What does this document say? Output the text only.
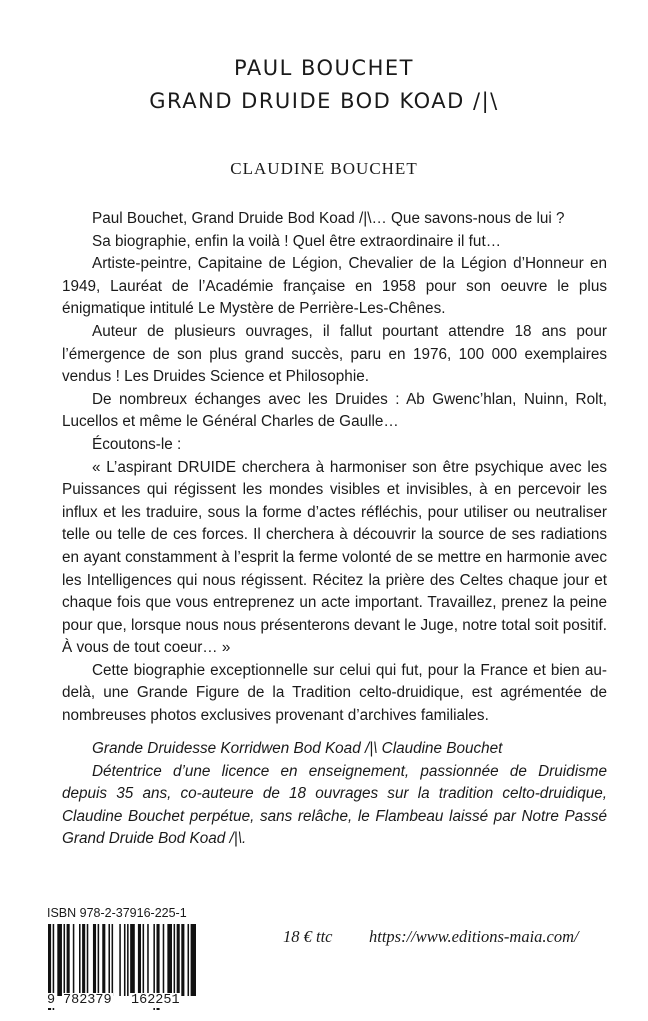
PAUL BOUCHET
GRAND DRUIDE BOD KOAD /|\
CLAUDINE BOUCHET

Paul Bouchet, Grand Druide Bod Koad /|\… Que savons-nous de lui ?

Sa biographie, enfin la voilà ! Quel être extraordinaire il fut…

Artiste-peintre, Capitaine de Légion, Chevalier de la Légion d’Honneur en 1949, Lauréat de l’Académie française en 1958 pour son oeuvre le plus énigmatique intitulé Le Mystère de Perrière-Les-Chênes.

Auteur de plusieurs ouvrages, il fallut pourtant attendre 18 ans pour l’émergence de son plus grand succès, paru en 1976, 100 000 exemplaires vendus ! Les Druides Science et Philosophie.

De nombreux échanges avec les Druides : Ab Gwenc’hlan, Nuinn, Rolt, Lucellos et même le Général Charles de Gaulle…

Écoutons-le :

« L’aspirant DRUIDE cherchera à harmoniser son être psychique avec les Puissances qui régissent les mondes visibles et invisibles, à en percevoir les influx et les traduire, sous la forme d’actes réfléchis, pour utiliser ou neutraliser telle ou telle de ces forces. Il cherchera à découvrir la source de ses radiations en ayant constamment à l’esprit la ferme volonté de se mettre en harmonie avec les Intelligences qui nous régissent. Récitez la prière des Celtes chaque jour et chaque fois que vous entreprenez un acte important. Travaillez, prenez la peine pour que, lorsque nous nous présenterons devant le Juge, notre total soit positif. À vous de tout coeur… »

Cette biographie exceptionnelle sur celui qui fut, pour la France et bien au-delà, une Grande Figure de la Tradition celto-druidique, est agrémentée de nombreuses photos exclusives provenant d’archives familiales.

Grande Druidesse Korridwen Bod Koad /|\ Claudine Bouchet

Détentrice d’une licence en enseignement, passionnée de Druidisme depuis 35 ans, co-auteure de 18 ouvrages sur la tradition celto-druidique, Claudine Bouchet perpétue, sans relâche, le Flambeau laissé par Notre Passé Grand Druide Bod Koad /|\.

ISBN 978-2-37916-225-1
9 782379 162251
18 € ttc https://www.editions-maia.com/
